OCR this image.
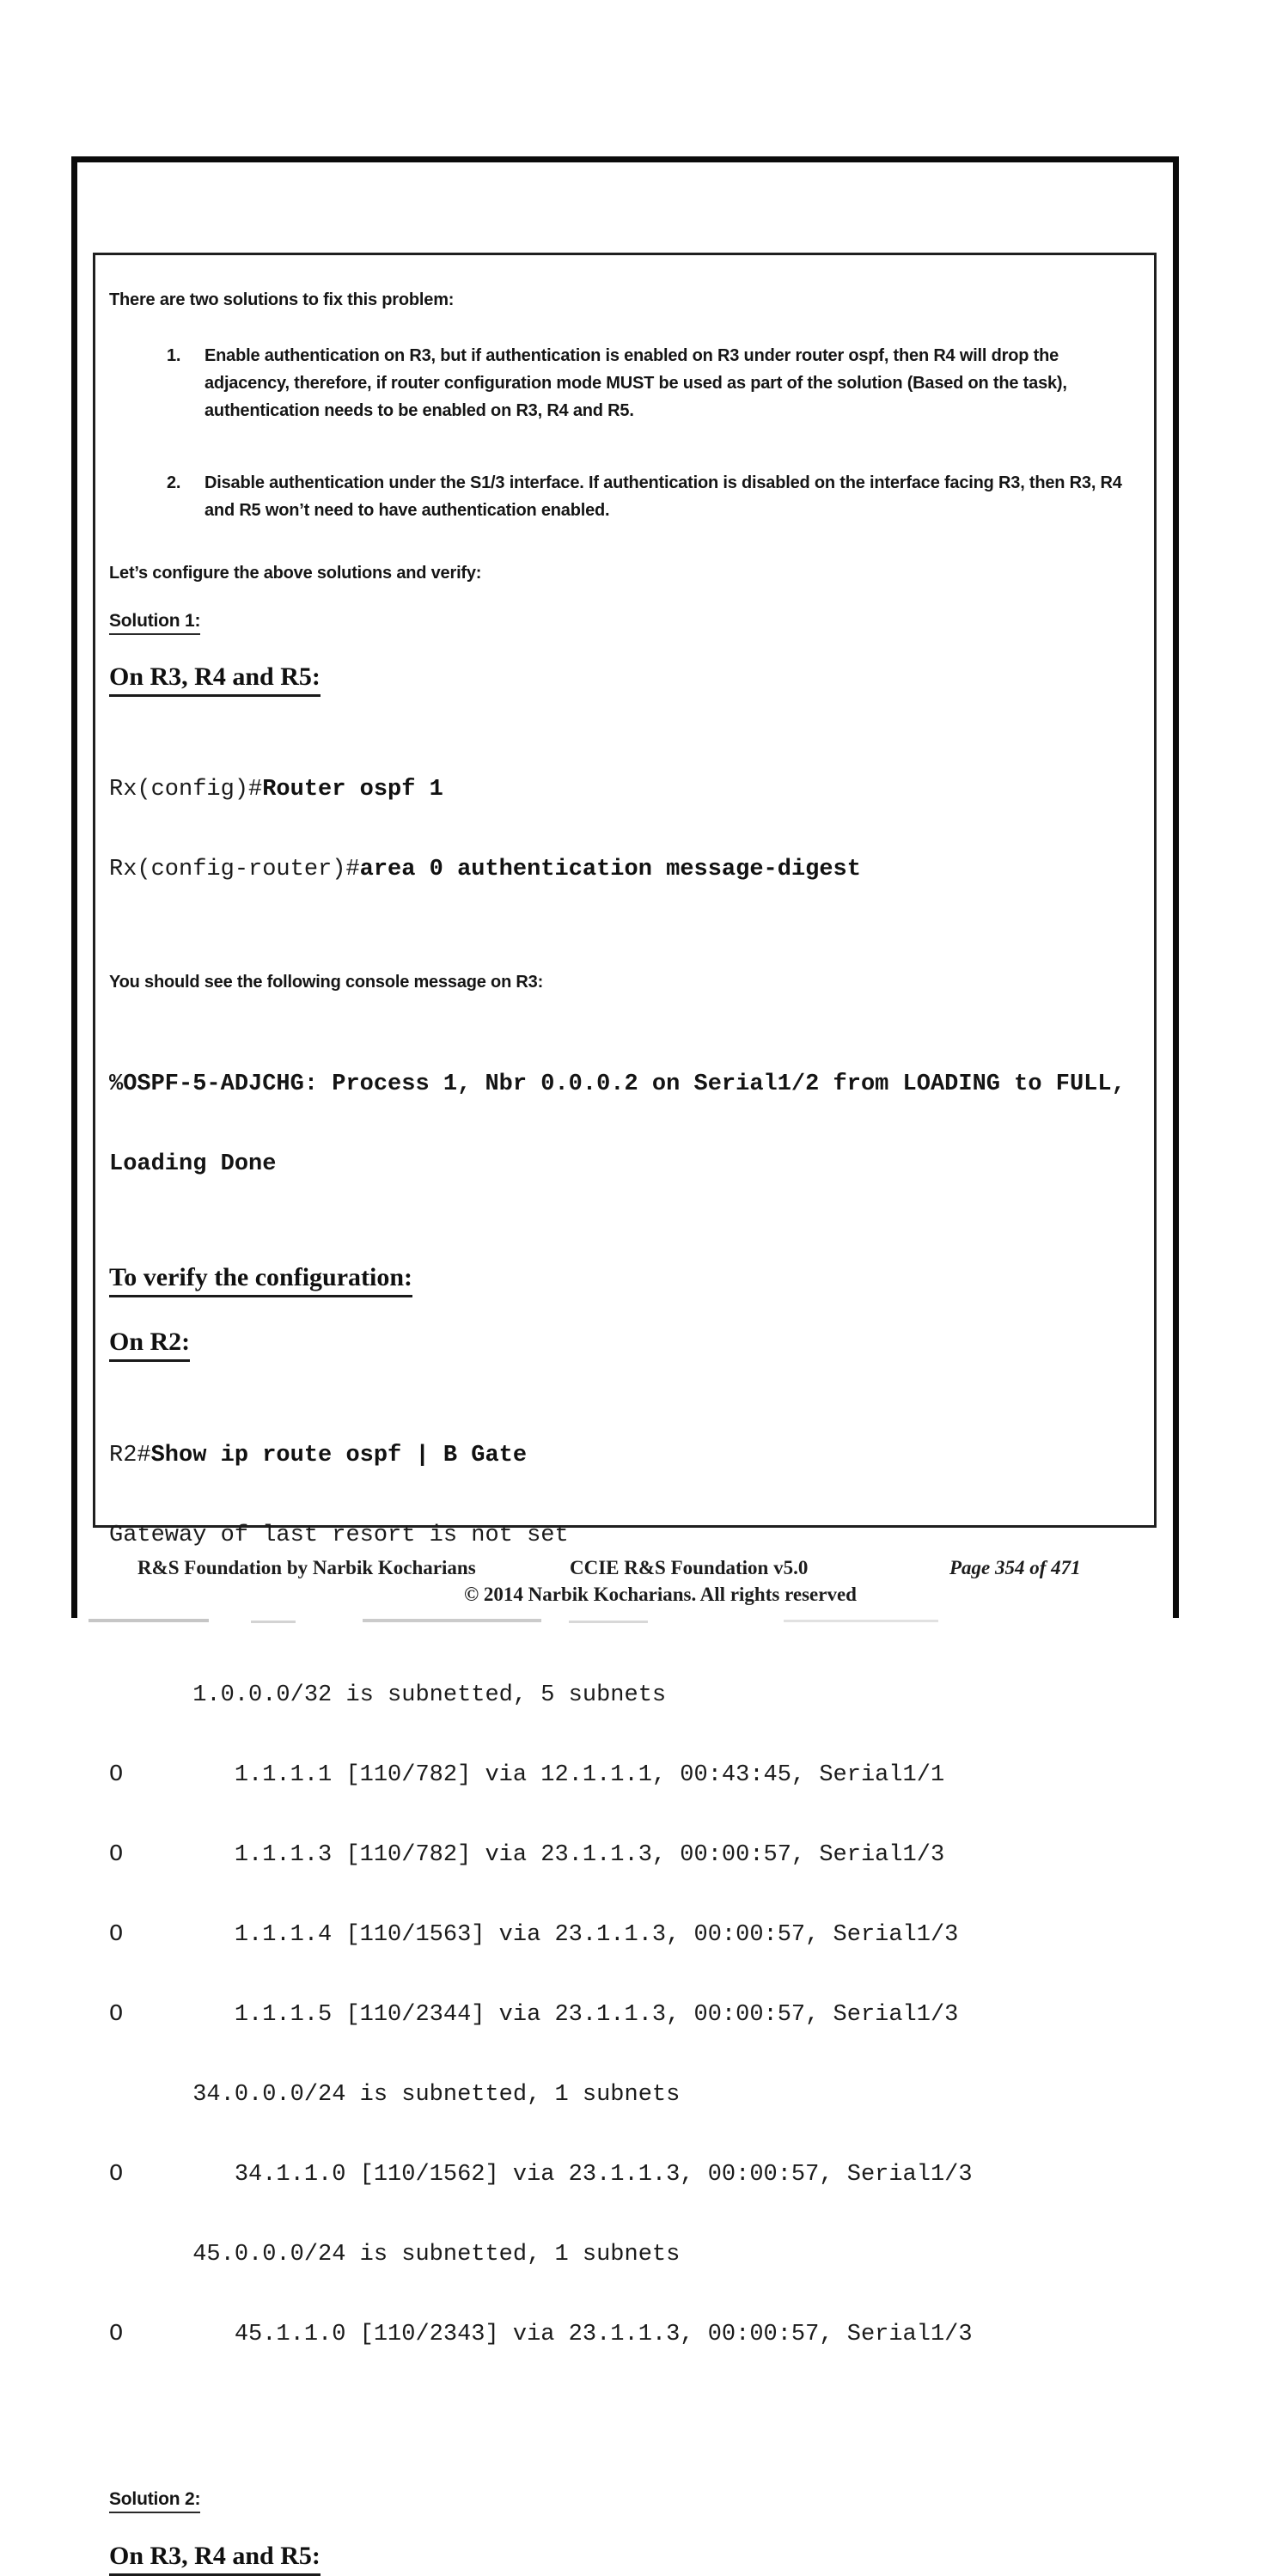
There are two solutions to fix this problem:
1. Enable authentication on R3, but if authentication is enabled on R3 under router ospf, then R4 will drop the adjacency, therefore, if router configuration mode MUST be used as part of the solution (Based on the task), authentication needs to be enabled on R3, R4 and R5.
2. Disable authentication under the S1/3 interface. If authentication is disabled on the interface facing R3, then R3, R4 and R5 won’t need to have authentication enabled.
Let’s configure the above solutions and verify:
Solution 1:
On R3, R4 and R5:

Rx(config)#Router ospf 1

Rx(config-router)#area 0 authentication message-digest

You should see the following console message on R3:

%OSPF-5-ADJCHG: Process 1, Nbr 0.0.0.2 on Serial1/2 from LOADING to FULL,

Loading Done

To verify the configuration:
On R2:

R2#Show ip route ospf | B Gate

Gateway of last resort is not set

1.0.0.0/32 is subnetted, 5 subnets

O        1.1.1.1 [110/782] via 12.1.1.1, 00:43:45, Serial1/1

O        1.1.1.3 [110/782] via 23.1.1.3, 00:00:57, Serial1/3

O        1.1.1.4 [110/1563] via 23.1.1.3, 00:00:57, Serial1/3

O        1.1.1.5 [110/2344] via 23.1.1.3, 00:00:57, Serial1/3

34.0.0.0/24 is subnetted, 1 subnets

O        34.1.1.0 [110/1562] via 23.1.1.3, 00:00:57, Serial1/3

45.0.0.0/24 is subnetted, 1 subnets

O        45.1.1.0 [110/2343] via 23.1.1.3, 00:00:57, Serial1/3

Solution 2:
On R3, R4 and R5:
R&S Foundation by Narbik Kocharians	CCIE R&S Foundation v5.0	Page 354 of 471
© 2014 Narbik Kocharians. All rights reserved
